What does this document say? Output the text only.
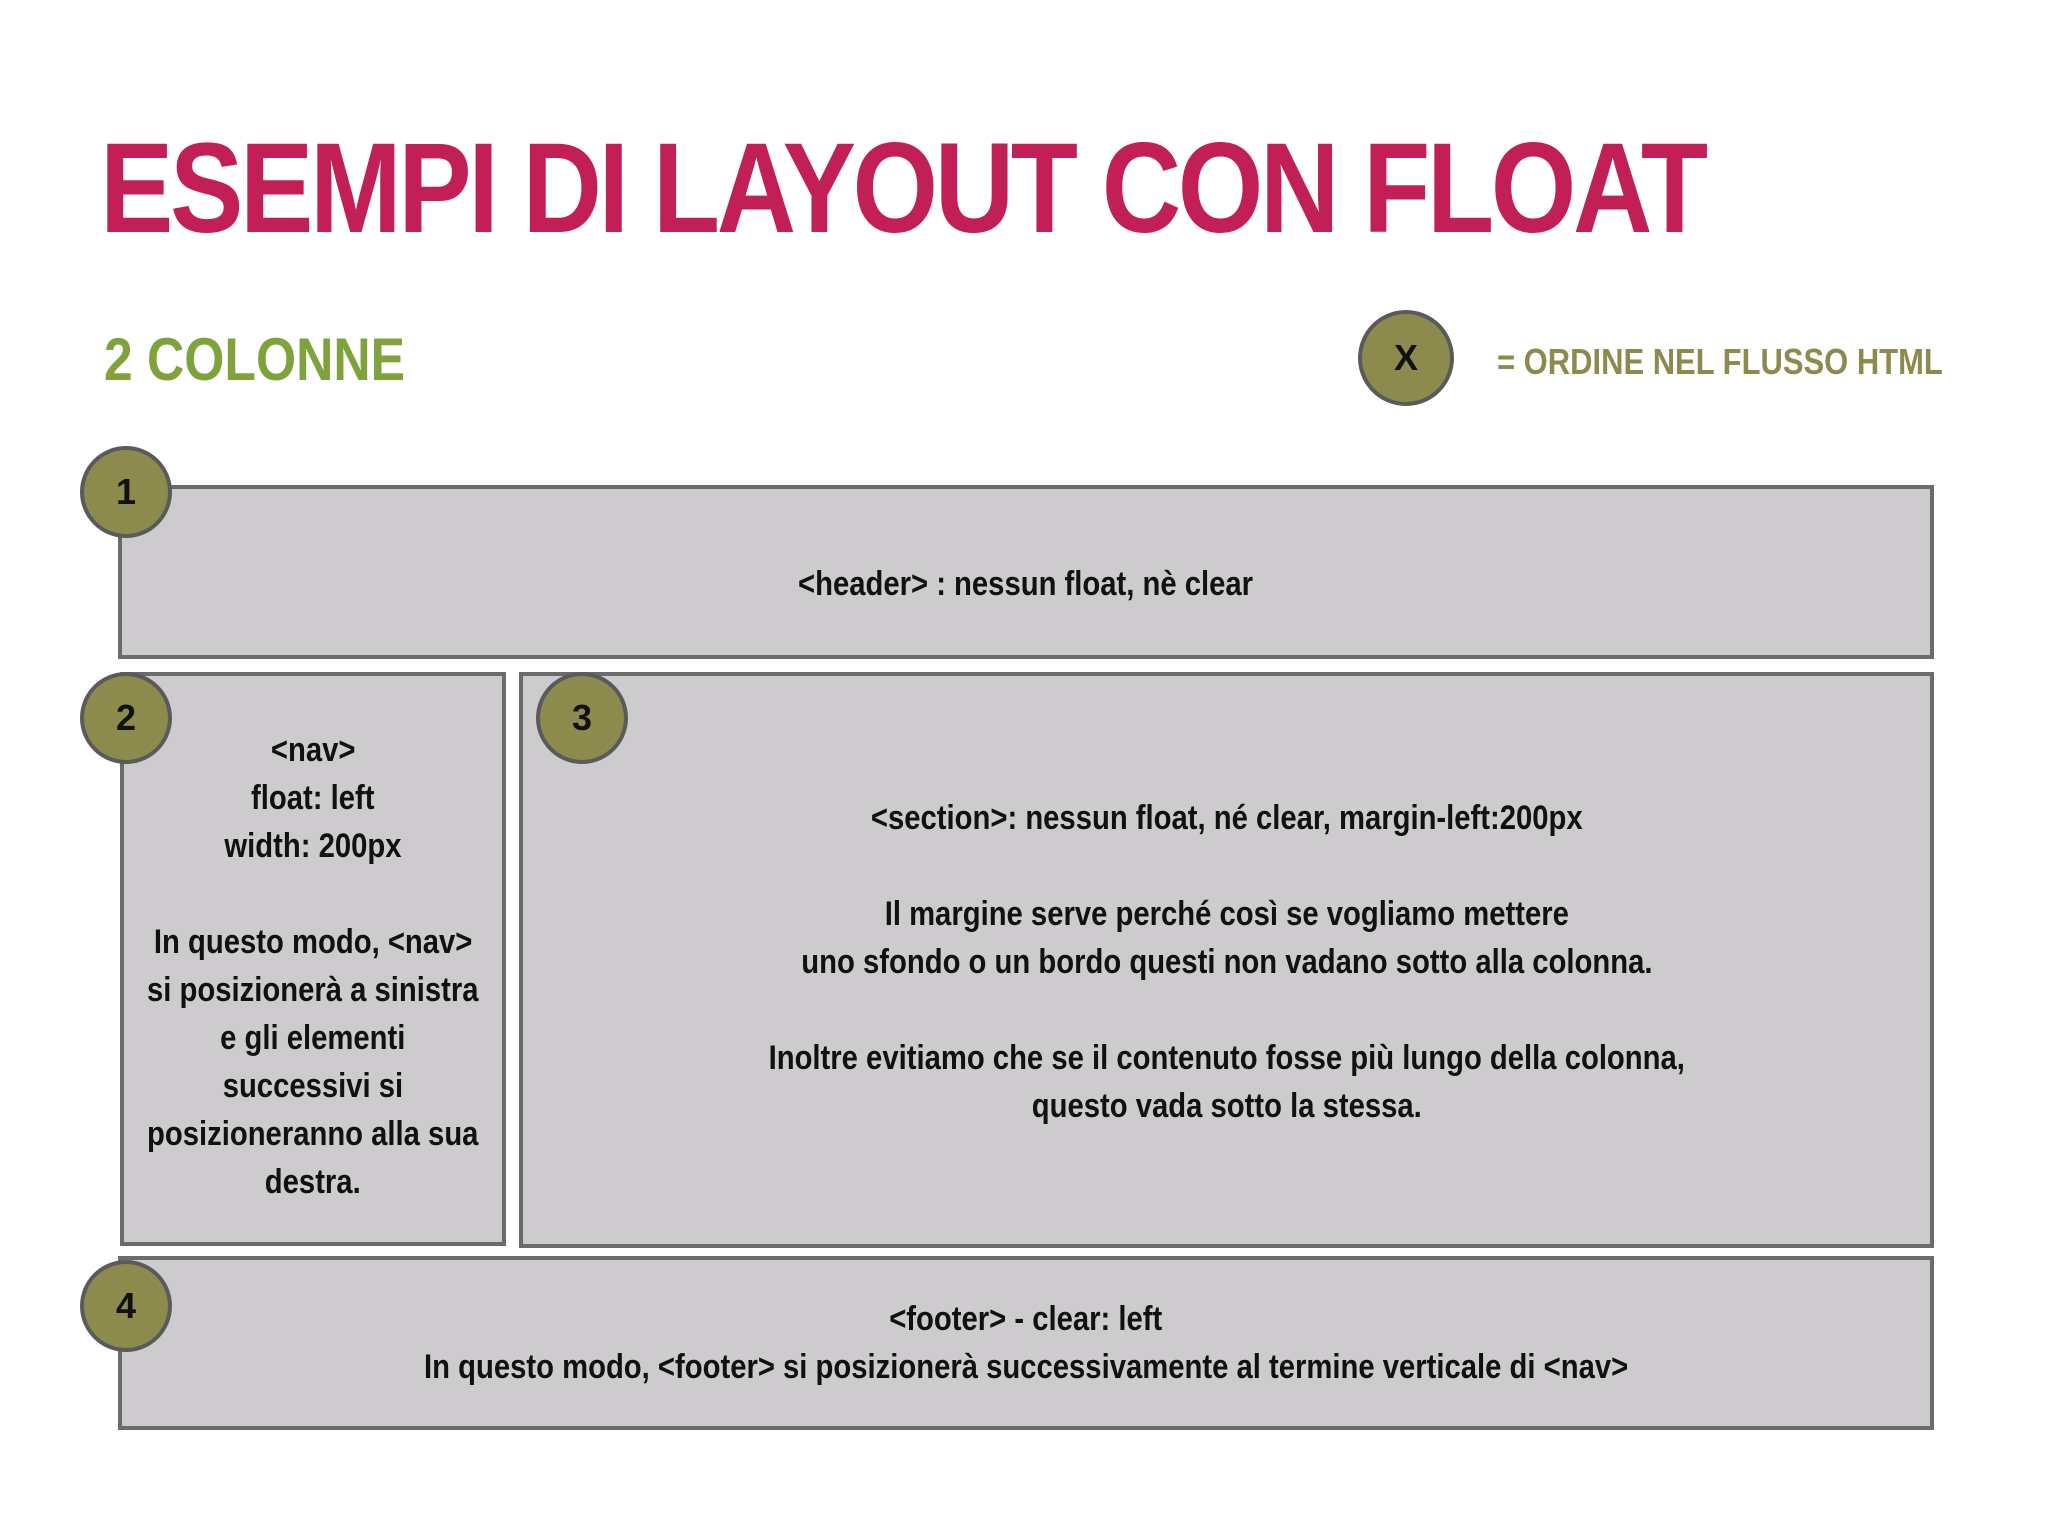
ESEMPI DI LAYOUT CON FLOAT
2 COLONNE	X	= ORDINE NEL FLUSSO HTML
<header> : nessun float, nè clear
<nav>
float: left
width: 200px
In questo modo, <nav>
si posizionerà a sinistra
e gli elementi
successivi si
posizioneranno alla sua
destra.
<section>: nessun float, né clear, margin-left:200px
Il margine serve perché così se vogliamo mettere
uno sfondo o un bordo questi non vadano sotto alla colonna.
Inoltre evitiamo che se il contenuto fosse più lungo della colonna,
questo vada sotto la stessa.
<footer> - clear: left
In questo modo, <footer> si posizionerà successivamente al termine verticale di <nav>
1
2	3
4
